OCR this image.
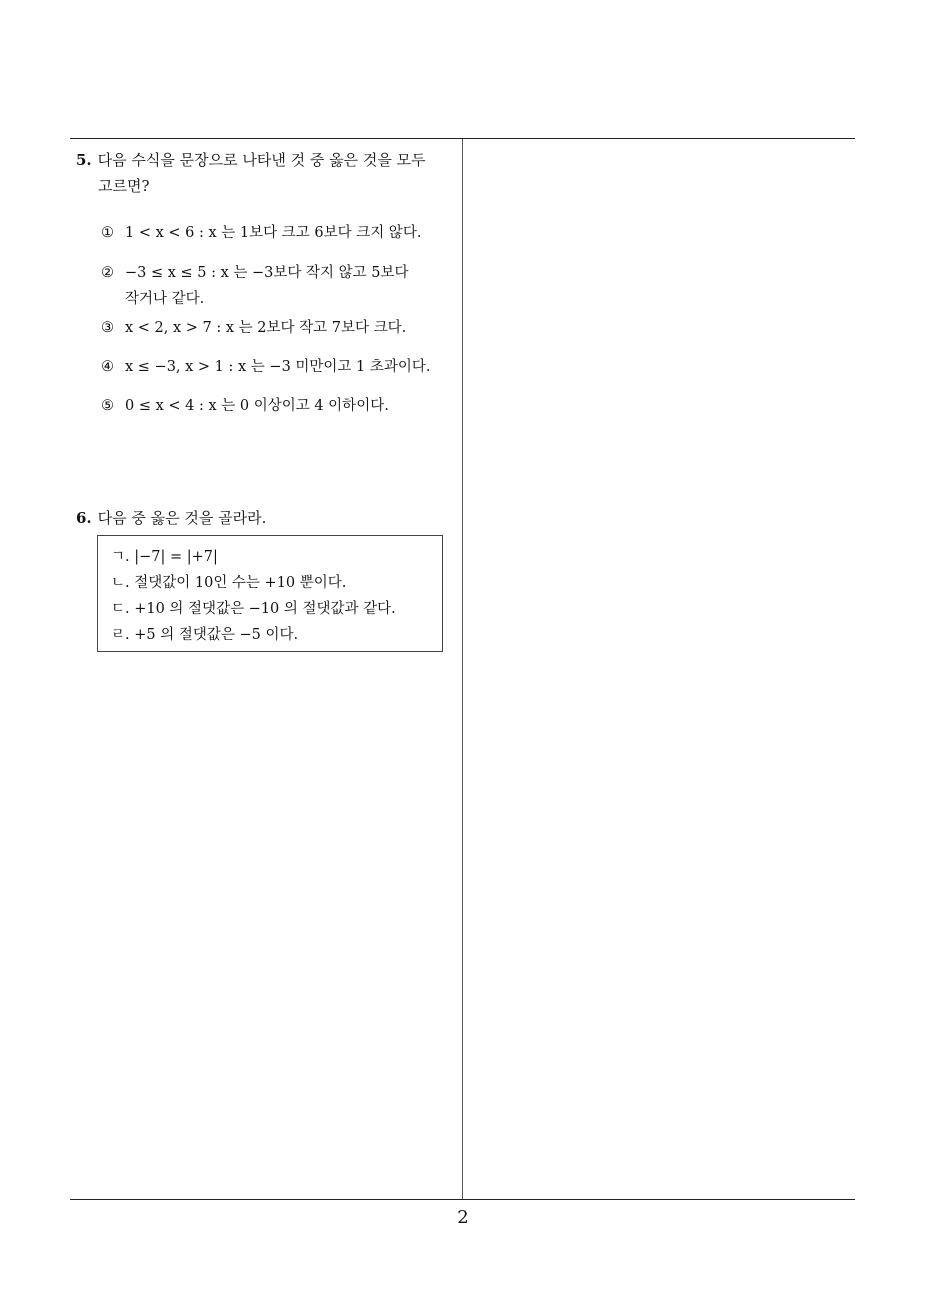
5. 다음 수식을 문장으로 나타낸 것 중 옳은 것을 모두
고르면?
① 1 < x < 6 : x 는 1보다 크고 6보다 크지 않다.
② −3 ≤ x ≤ 5 : x 는 −3보다 작지 않고 5보다
작거나 같다.
③ x < 2, x > 7 : x 는 2보다 작고 7보다 크다.
④ x ≤ −3, x > 1 : x 는 −3 미만이고 1 초과이다.
⑤ 0 ≤ x < 4 : x 는 0 이상이고 4 이하이다.
6. 다음 중 옳은 것을 골라라.
ㄱ. |−7| = |+7|
ㄴ. 절댓값이 10인 수는 +10 뿐이다.
ㄷ. +10 의 절댓값은 −10 의 절댓값과 같다.
ㄹ. +5 의 절댓값은 −5 이다.
2
